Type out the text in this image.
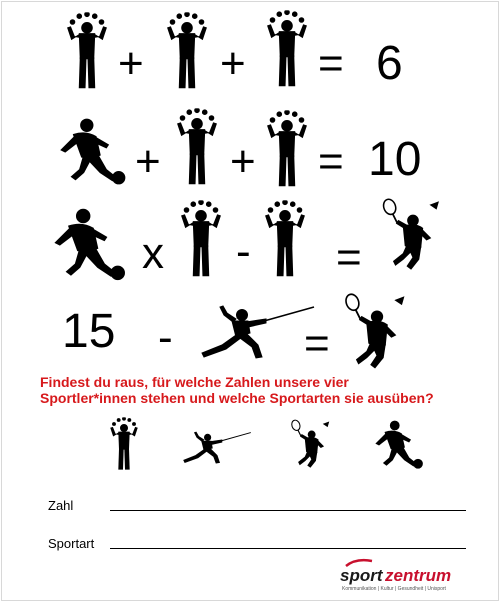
+ + = 6
+ + = 10
x - =
15 -	=
Findest du raus, für welche Zahlen unsere vier
Sportler*innen stehen und welche Sportarten sie ausüben?
Zahl
Sportart
sport zentrum
Kommunikation | Kultur | Gesundheit | Unisport
